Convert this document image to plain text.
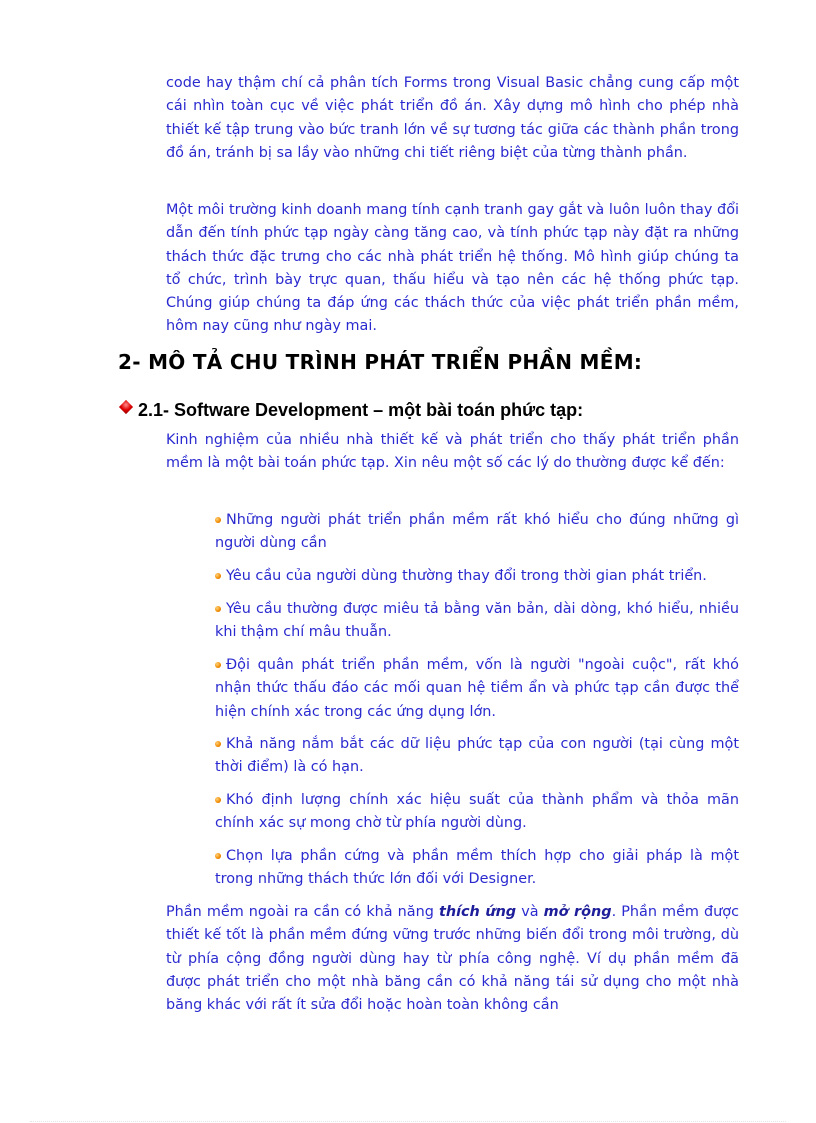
code hay thậm chí cả phân tích Forms trong Visual Basic chẳng cung cấp một cái nhìn toàn cục về việc phát triển đồ án. Xây dựng mô hình cho phép nhà thiết kế tập trung vào bức tranh lớn về sự tương tác giữa các thành phần trong đồ án, tránh bị sa lầy vào những chi tiết riêng biệt của từng thành phần.

Một môi trường kinh doanh mang tính cạnh tranh gay gắt và luôn luôn thay đổi dẫn đến tính phức tạp ngày càng tăng cao, và tính phức tạp này đặt ra những thách thức đặc trưng cho các nhà phát triển hệ thống. Mô hình giúp chúng ta tổ chức, trình bày trực quan, thấu hiểu và tạo nên các hệ thống phức tạp. Chúng giúp chúng ta đáp ứng các thách thức của việc phát triển phần mềm, hôm nay cũng như ngày mai.

2- MÔ TẢ CHU TRÌNH PHÁT TRIỂN PHẦN MỀM:
2.1- Software Development – một bài toán phức tạp:

Kinh nghiệm của nhiều nhà thiết kế và phát triển cho thấy phát triển phần mềm là một bài toán phức tạp. Xin nêu một số các lý do thường được kể đến:

Những người phát triển phần mềm rất khó hiểu cho đúng những gì người dùng cần

Yêu cầu của người dùng thường thay đổi trong thời gian phát triển.

Yêu cầu thường được miêu tả bằng văn bản, dài dòng, khó hiểu, nhiều khi thậm chí mâu thuẫn.

Đội quân phát triển phần mềm, vốn là người "ngoài cuộc", rất khó nhận thức thấu đáo các mối quan hệ tiềm ẩn và phức tạp cần được thể hiện chính xác trong các ứng dụng lớn.

Khả năng nắm bắt các dữ liệu phức tạp của con người (tại cùng một thời điểm) là có hạn.

Khó định lượng chính xác hiệu suất của thành phẩm và thỏa mãn chính xác sự mong chờ từ phía người dùng.

Chọn lựa phần cứng và phần mềm thích hợp cho giải pháp là một trong những thách thức lớn đối với Designer.

Phần mềm ngoài ra cần có khả năng thích ứng và mở rộng. Phần mềm được thiết kế tốt là phần mềm đứng vững trước những biến đổi trong môi trường, dù từ phía cộng đồng người dùng hay từ phía công nghệ. Ví dụ phần mềm đã được phát triển cho một nhà băng cần có khả năng tái sử dụng cho một nhà băng khác với rất ít sửa đổi hoặc hoàn toàn không cần
